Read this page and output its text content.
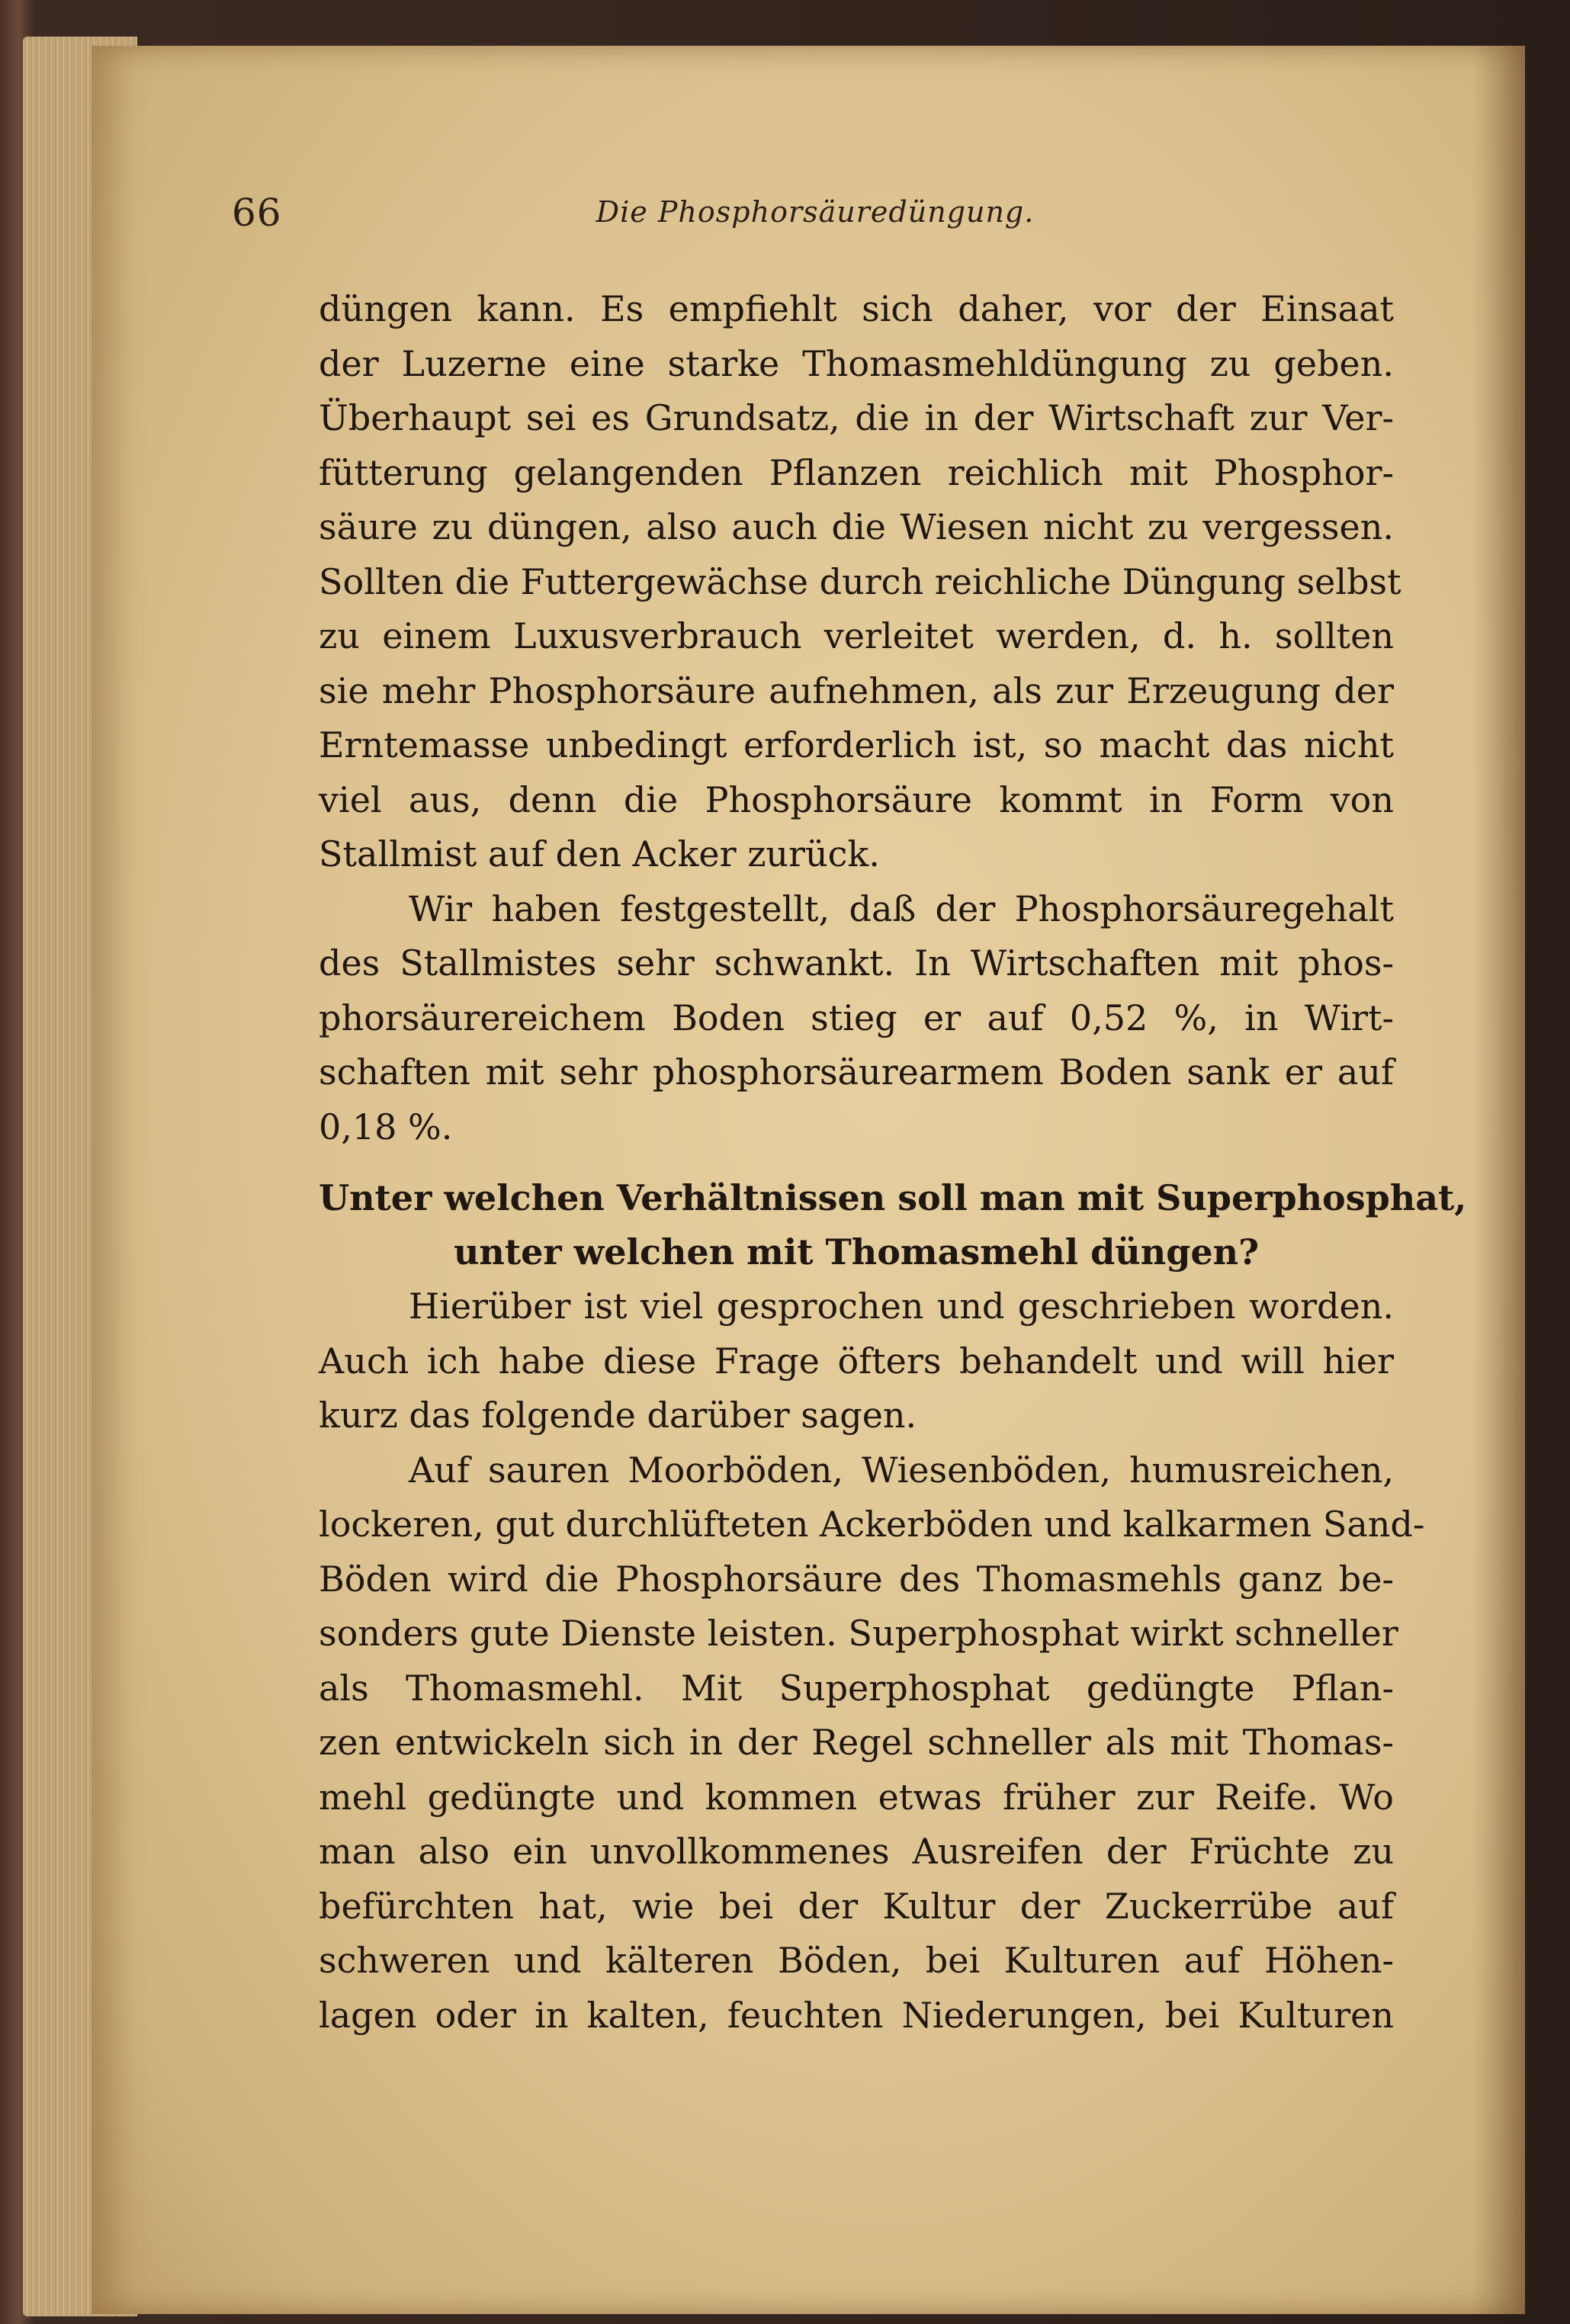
66	Die Phosphorsäuredüngung.
düngen kann. Es empfiehlt sich daher, vor der Einsaat
der Luzerne eine starke Thomasmehldüngung zu geben.
Überhaupt sei es Grundsatz, die in der Wirtschaft zur Ver-
fütterung gelangenden Pflanzen reichlich mit Phosphor-
säure zu düngen, also auch die Wiesen nicht zu vergessen.
Sollten die Futtergewächse durch reichliche Düngung selbst
zu einem Luxusverbrauch verleitet werden, d. h. sollten
sie mehr Phosphorsäure aufnehmen, als zur Erzeugung der
Erntemasse unbedingt erforderlich ist, so macht das nicht
viel aus, denn die Phosphorsäure kommt in Form von
Stallmist auf den Acker zurück.
Wir haben festgestellt, daß der Phosphorsäuregehalt
des Stallmistes sehr schwankt. In Wirtschaften mit phos-
phorsäurereichem Boden stieg er auf 0,52 %, in Wirt-
schaften mit sehr phosphorsäurearmem Boden sank er auf
0,18 %.
Unter welchen Verhältnissen soll man mit Superphosphat,
unter welchen mit Thomasmehl düngen?
Hierüber ist viel gesprochen und geschrieben worden.
Auch ich habe diese Frage öfters behandelt und will hier
kurz das folgende darüber sagen.
Auf sauren Moorböden, Wiesenböden, humusreichen,
lockeren, gut durchlüfteten Ackerböden und kalkarmen Sand-
Böden wird die Phosphorsäure des Thomasmehls ganz be-
sonders gute Dienste leisten. Superphosphat wirkt schneller
als Thomasmehl. Mit Superphosphat gedüngte Pflan-
zen entwickeln sich in der Regel schneller als mit Thomas-
mehl gedüngte und kommen etwas früher zur Reife. Wo
man also ein unvollkommenes Ausreifen der Früchte zu
befürchten hat, wie bei der Kultur der Zuckerrübe auf
schweren und kälteren Böden, bei Kulturen auf Höhen-
lagen oder in kalten, feuchten Niederungen, bei Kulturen
